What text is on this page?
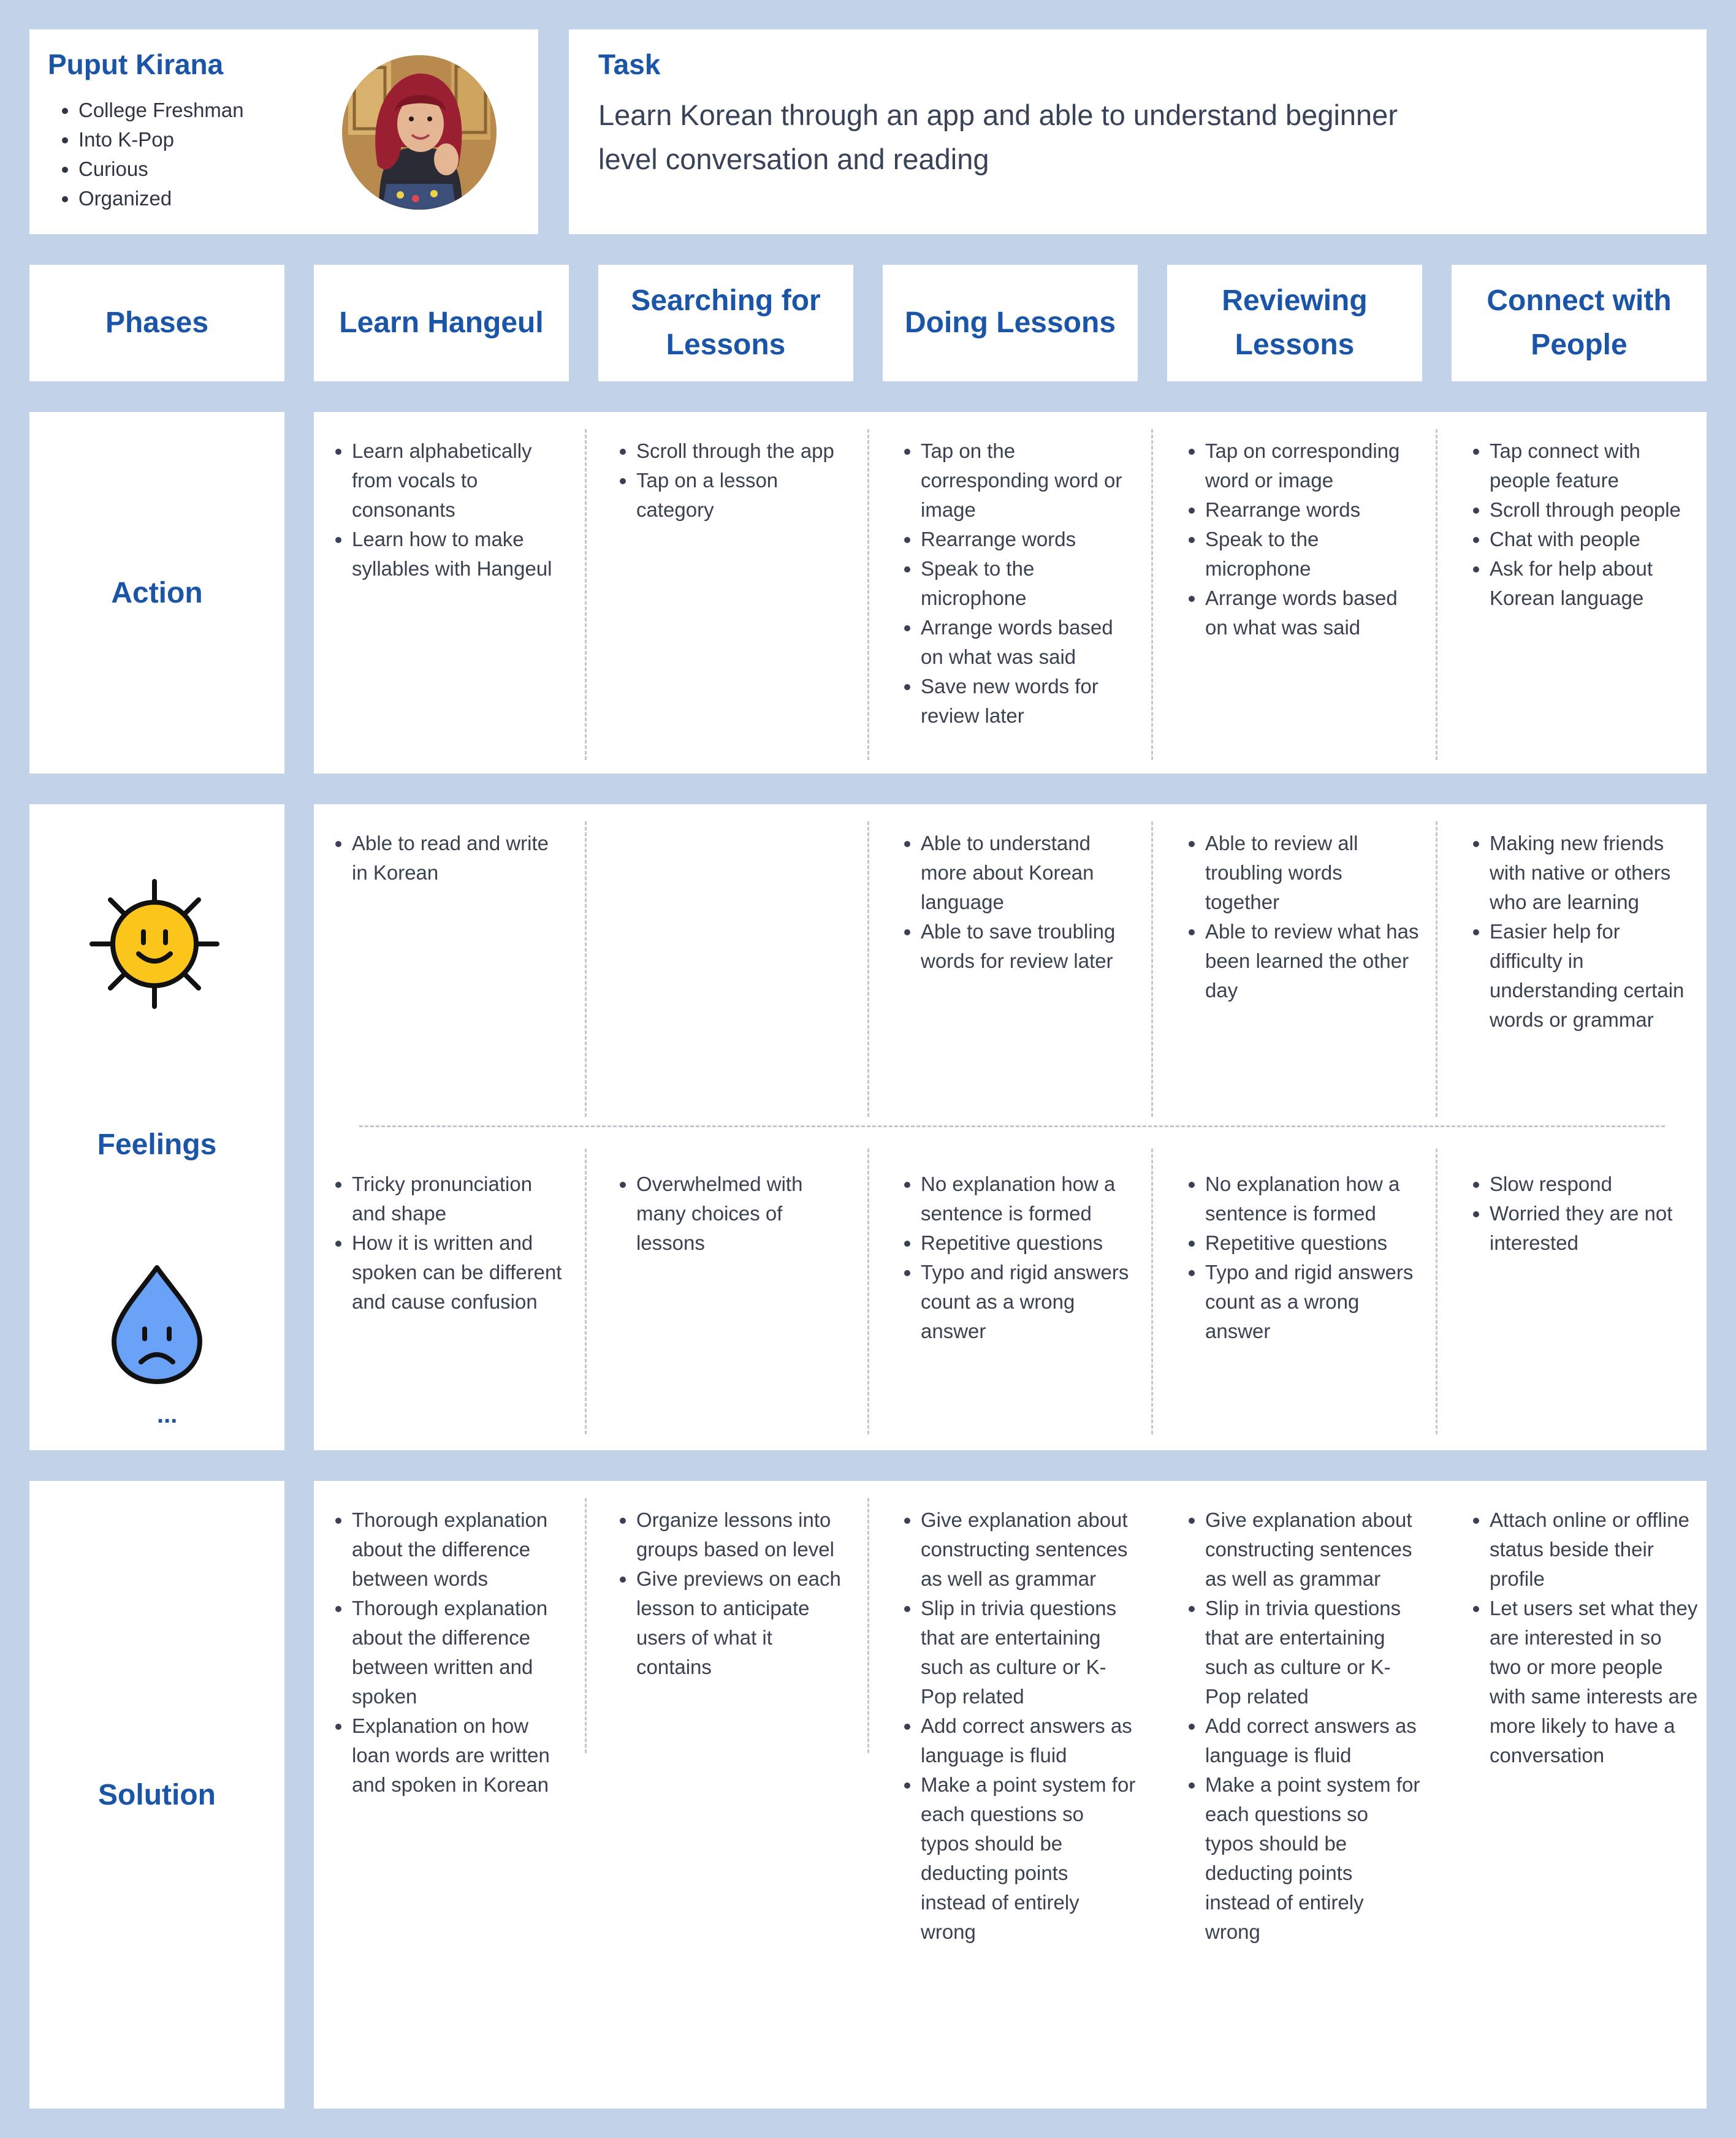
Puput Kirana
• College Freshman
• Into K-Pop
• Curious
• Organized
Task
Learn Korean through an app and able to understand beginner level conversation and reading
Phases	Learn Hangeul
Searching for Lessons
Doing Lessons
Reviewing Lessons
Connect with People
Action
Feelings
...
Solution
• Learn alphabetically from vocals to consonants
• Learn how to make syllables with Hangeul
• Scroll through the app
• Tap on a lesson category
• Tap on the corresponding word or image
• Rearrange words
• Speak to the microphone
• Arrange words based on what was said
• Save new words for review later
• Tap on corresponding word or image
• Rearrange words
• Speak to the microphone
• Arrange words based on what was said
• Tap connect with people feature
• Scroll through people
• Chat with people
• Ask for help about Korean language
• Able to read and write in Korean
• Able to understand more about Korean language
• Able to save troubling words for review later
• Able to review all troubling words together
• Able to review what has been learned the other day
• Making new friends with native or others who are learning
• Easier help for difficulty in understanding certain words or grammar
• Tricky pronunciation and shape
• How it is written and spoken can be different and cause confusion
• Overwhelmed with many choices of lessons
• No explanation how a sentence is formed
• Repetitive questions
• Typo and rigid answers count as a wrong answer
• No explanation how a sentence is formed
• Repetitive questions
• Typo and rigid answers count as a wrong answer
• Slow respond
• Worried they are not interested
• Thorough explanation about the difference between words
• Thorough explanation about the difference between written and spoken
• Explanation on how loan words are written and spoken in Korean
• Organize lessons into groups based on level
• Give previews on each lesson to anticipate users of what it contains
• Give explanation about constructing sentences as well as grammar
• Slip in trivia questions that are entertaining such as culture or K-Pop related
• Add correct answers as language is fluid
• Make a point system for each questions so typos should be deducting points instead of entirely wrong
• Give explanation about constructing sentences as well as grammar
• Slip in trivia questions that are entertaining such as culture or K-Pop related
• Add correct answers as language is fluid
• Make a point system for each questions so typos should be deducting points instead of entirely wrong
• Attach online or offline status beside their profile
• Let users set what they are interested in so two or more people with same interests are more likely to have a conversation
